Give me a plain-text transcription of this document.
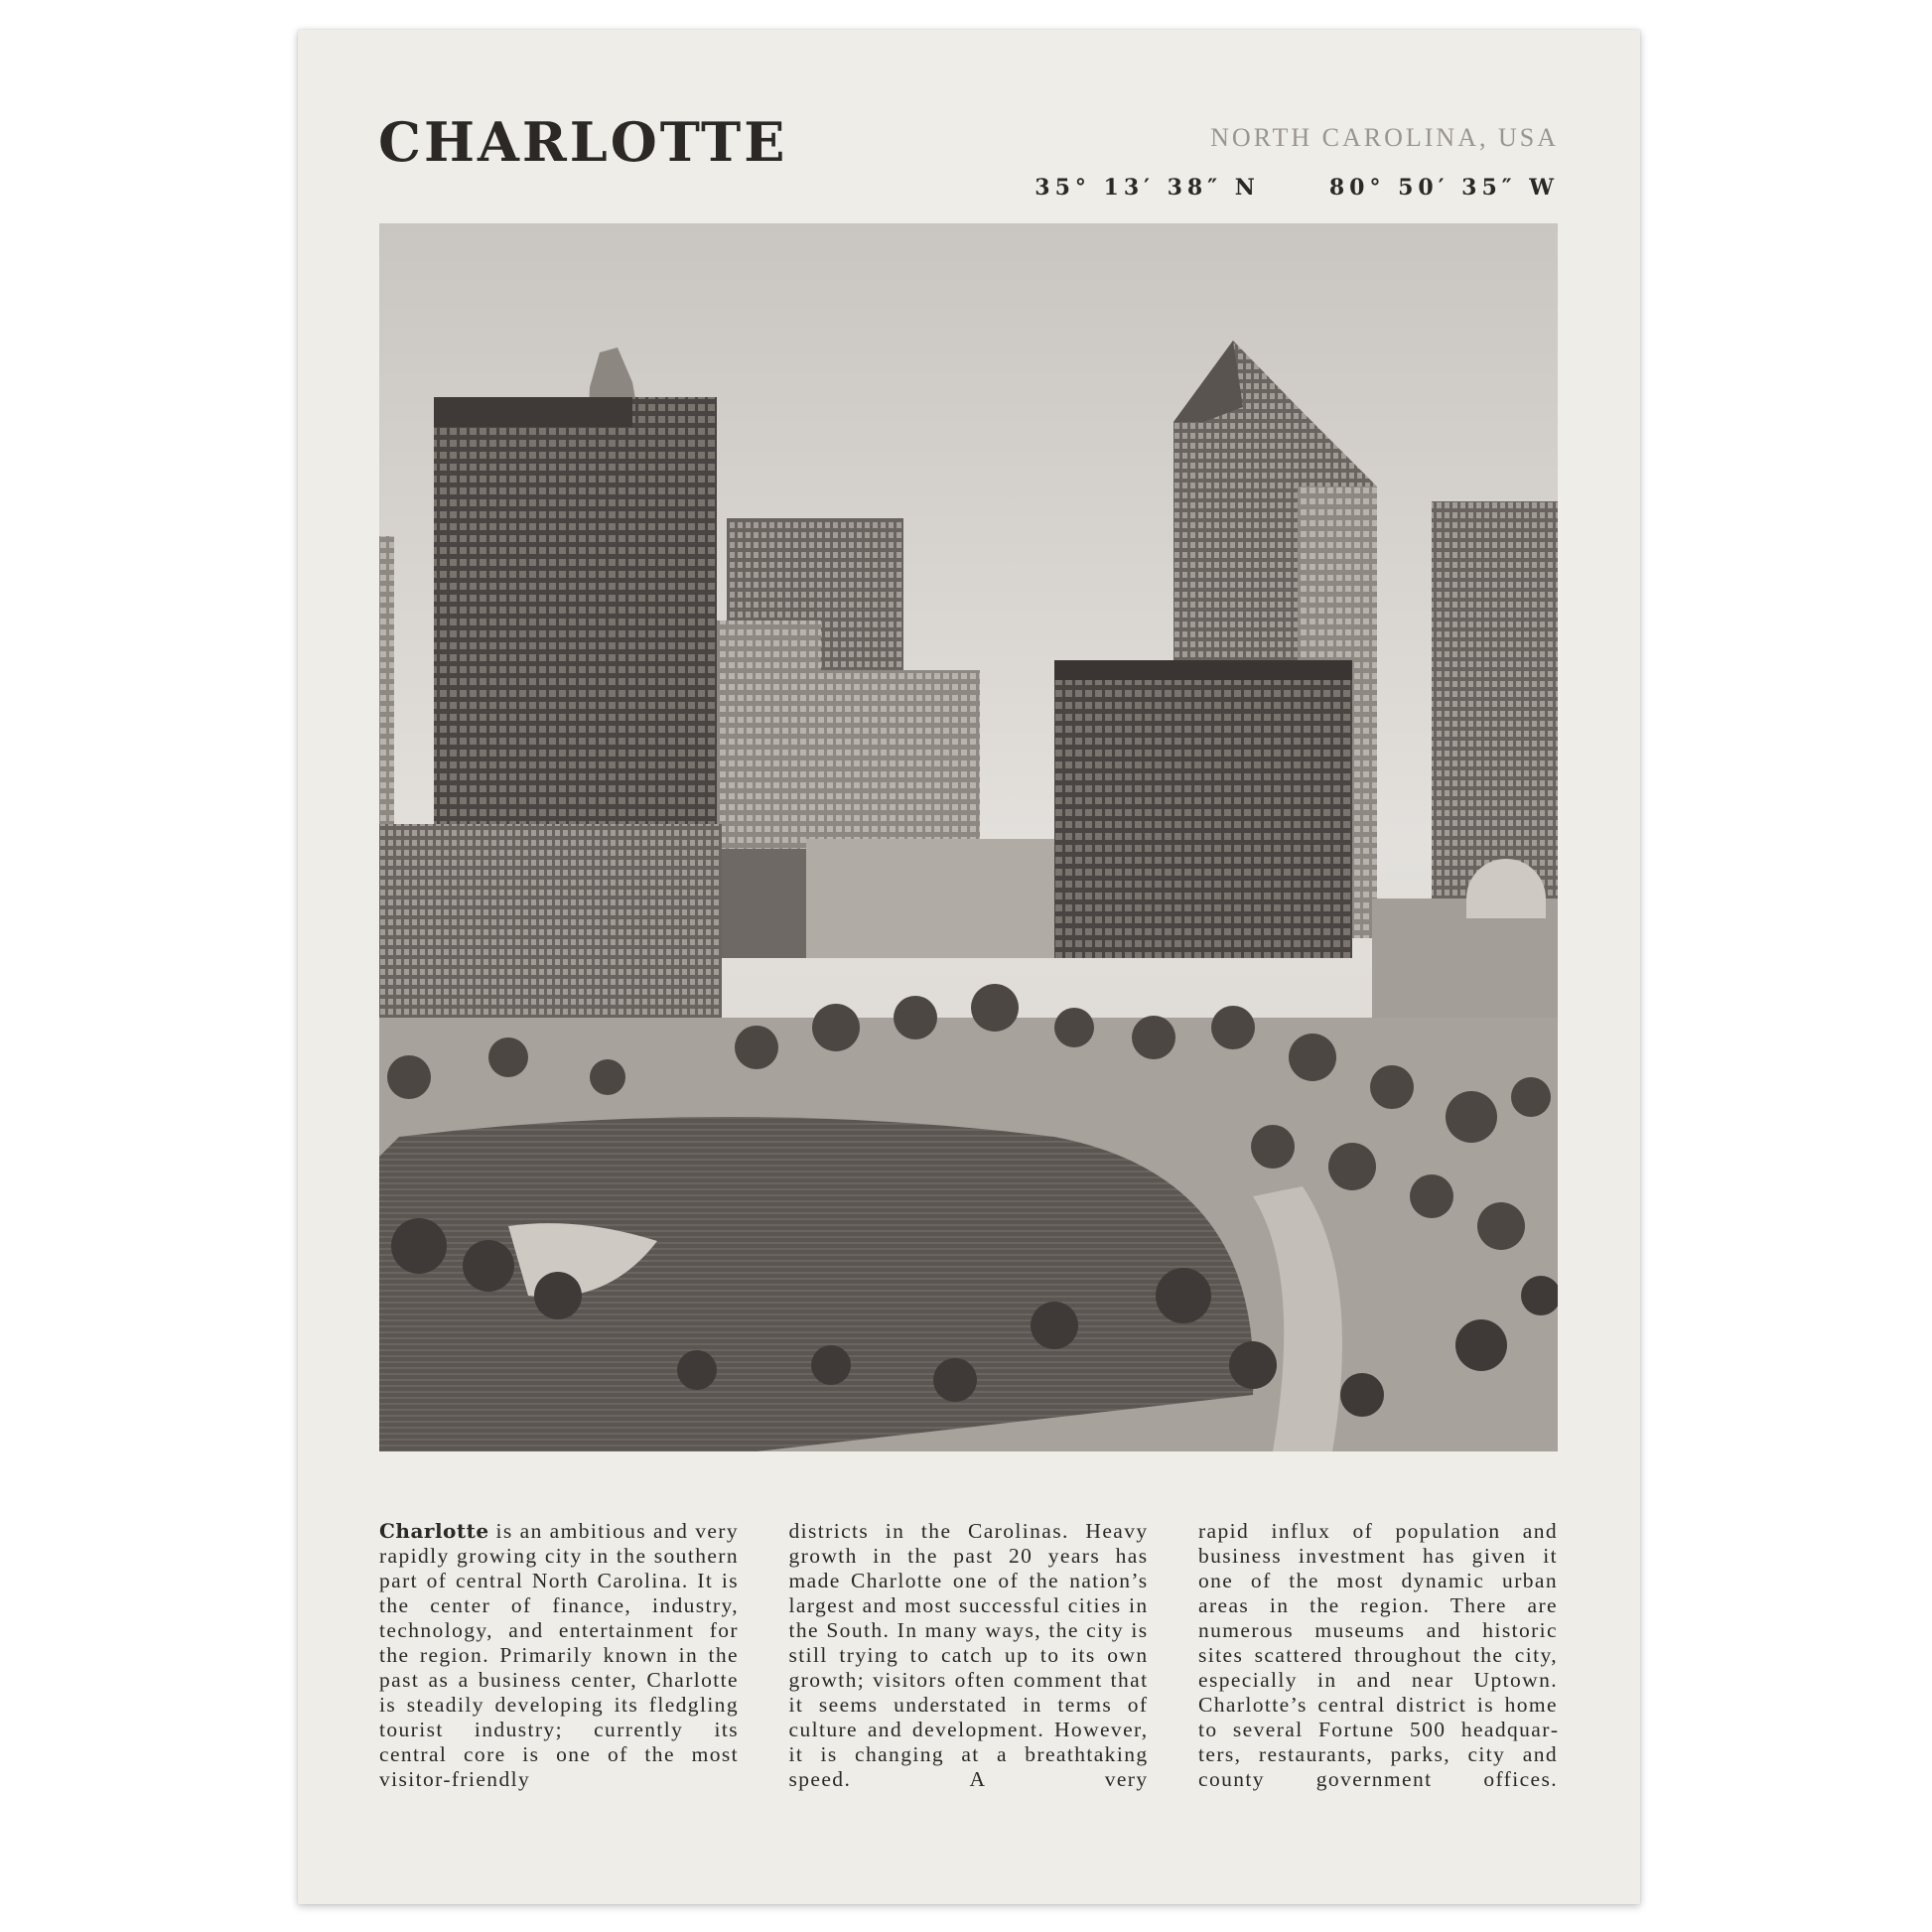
CHARLOTTE	NORTH CAROLINA, USA
35° 13′ 38″ N	80° 50′ 35″ W

Charlotte is an ambitious and very rapidly growing city in the southern part of central North Carolina. It is the center of finance, industry, technology, and entertainment for the region. Primarily known in the past as a business center, Charlotte is steadily developing its fledgling tourist industry; currently its central core is one of the most visitor-friendly

districts in the Carolinas. Heavy growth in the past 20 years has made Charlotte one of the nation’s largest and most successful cities in the South. In many ways, the city is still trying to catch up to its own growth; visitors often comment that it seems understated in terms of culture and development. However, it is changing at a breathtaking speed. A very

rapid influx of population and business investment has given it one of the most dynamic urban areas in the region. There are numerous museums and historic sites scattered throughout the city, especially in and near Uptown. Charlotte’s central district is home to several Fortune 500 headquarters, restaurants, parks, city and county government offices.
